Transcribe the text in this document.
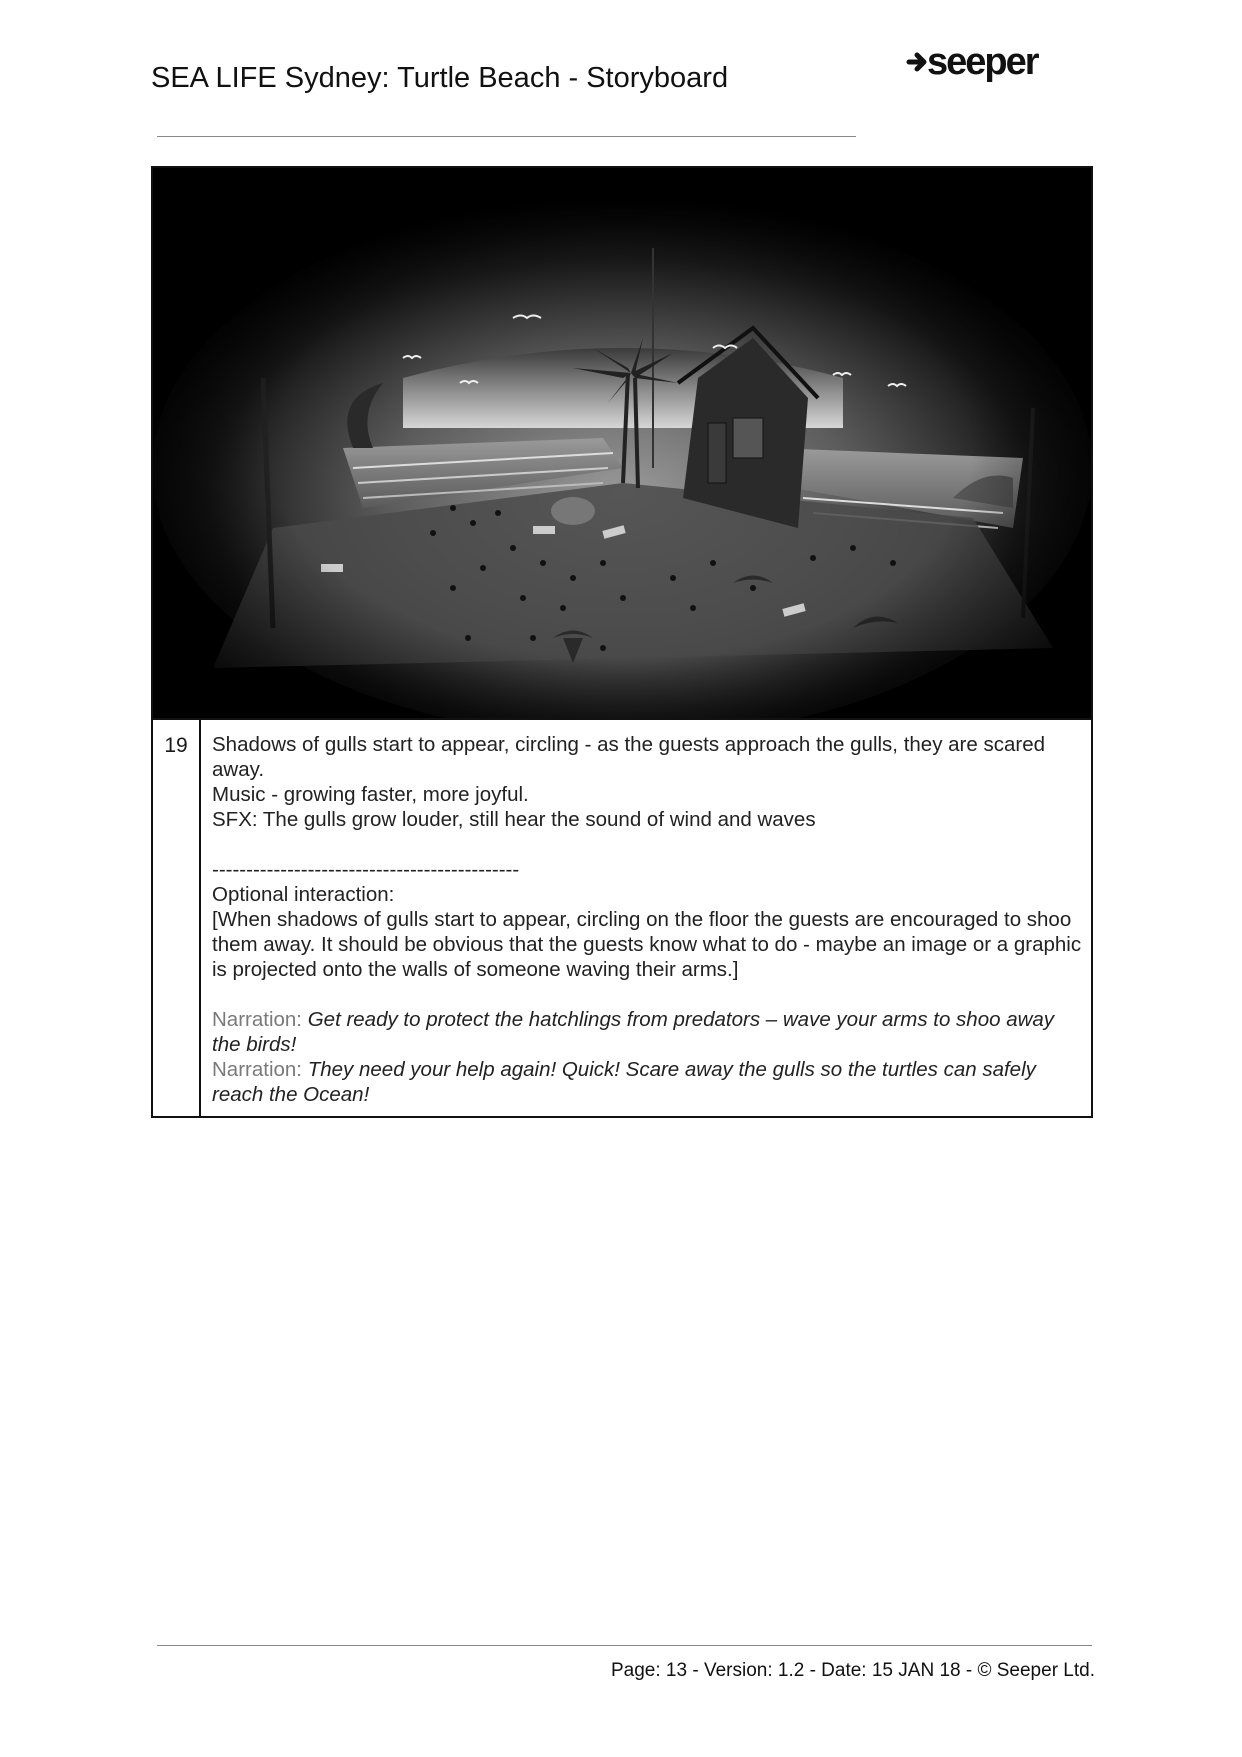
SEA LIFE Sydney: Turtle Beach - Storyboard	seeper
19	Shadows of gulls start to appear, circling - as the guests approach the gulls, they are scared away.

Music - growing faster, more joyful.

SFX: The gulls grow louder, still hear the sound of wind and waves

---------------------------------------------

Optional interaction:

[When shadows of gulls start to appear, circling on the floor the guests are encouraged to shoo them away. It should be obvious that the guests know what to do - maybe an image or a graphic is projected onto the walls of someone waving their arms.]

Narration: Get ready to protect the hatchlings from predators – wave your arms to shoo away the birds!

Narration: They need your help again! Quick! Scare away the gulls so the turtles can safely reach the Ocean!

Page: 13 - Version: 1.2 - Date: 15 JAN 18 - © Seeper Ltd.
